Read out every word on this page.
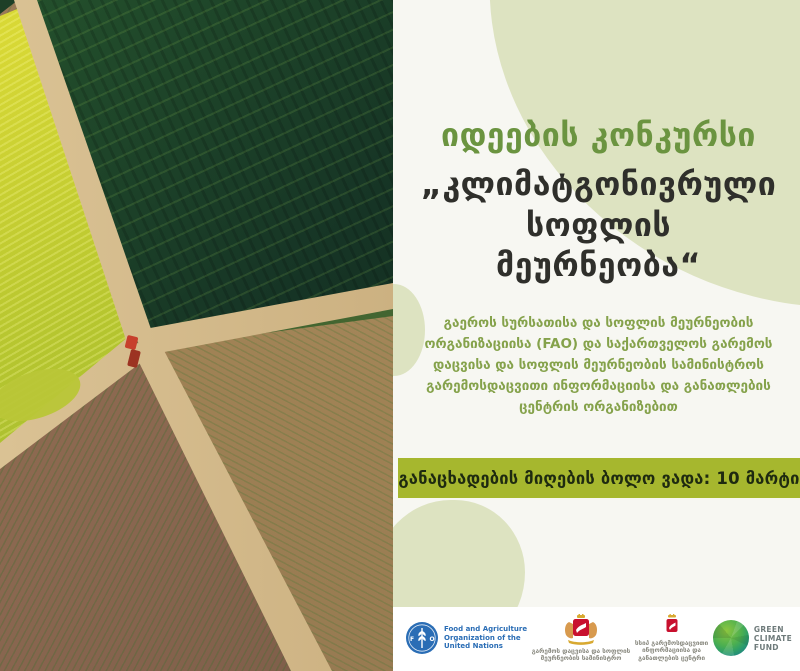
იდეების კონკურსი
„კლიმატგონივრული
სოფლის
მეურნეობა“

გაეროს სურსათისა და სოფლის მეურნეობის
ორგანიზაციისა (FAO) და საქართველოს გარემოს
დაცვისა და სოფლის მეურნეობის სამინისტროს
გარემოსდაცვითი ინფორმაციისა და განათლების
ცენტრის ორგანიზებით

განაცხადების მიღების ბოლო ვადა: 10 მარტი
F	O
Food and Agriculture
Organization of the
United Nations
გარემოს დაცვისა და სოფლის
მეურნეობის სამინისტრო
სსიპ გარემოსდაცვითი
ინფორმაციისა და
განათლების ცენტრი
GREEN
CLIMATE
FUND
